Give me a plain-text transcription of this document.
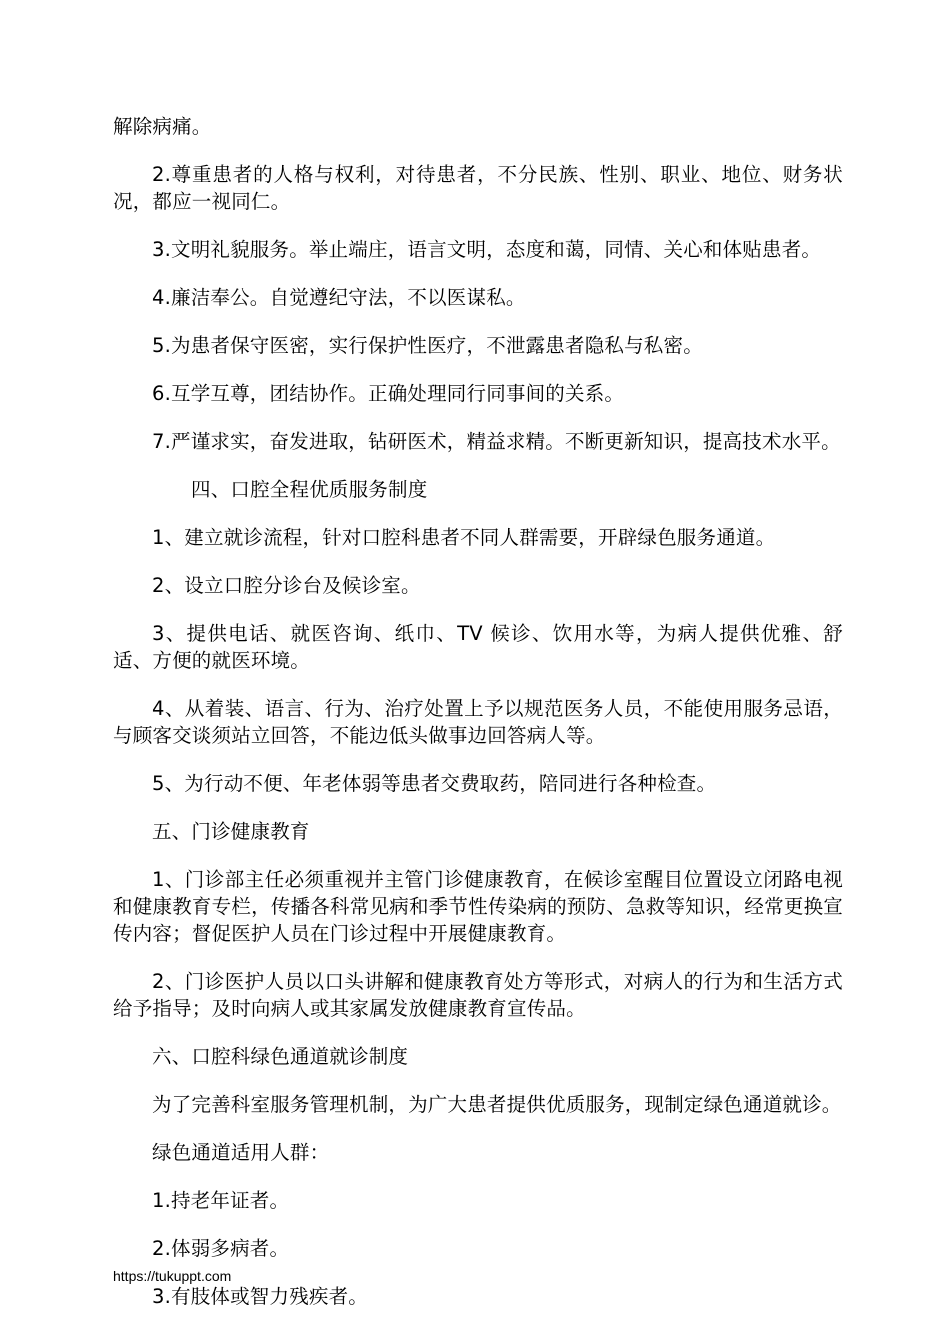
解除病痛。

2.尊重患者的人格与权利，对待患者，不分民族、性别、职业、地位、财务状况，都应一视同仁。

3.文明礼貌服务。举止端庄，语言文明，态度和蔼，同情、关心和体贴患者。

4.廉洁奉公。自觉遵纪守法，不以医谋私。

5.为患者保守医密，实行保护性医疗，不泄露患者隐私与私密。

6.互学互尊，团结协作。正确处理同行同事间的关系。

7.严谨求实，奋发进取，钻研医术，精益求精。不断更新知识，提高技术水平。

四、口腔全程优质服务制度

1、建立就诊流程，针对口腔科患者不同人群需要，开辟绿色服务通道。

2、设立口腔分诊台及候诊室。

3、提供电话、就医咨询、纸巾、TV 候诊、饮用水等，为病人提供优雅、舒适、方便的就医环境。

4、从着装、语言、行为、治疗处置上予以规范医务人员，不能使用服务忌语，与顾客交谈须站立回答，不能边低头做事边回答病人等。

5、为行动不便、年老体弱等患者交费取药，陪同进行各种检查。

五、门诊健康教育

1、门诊部主任必须重视并主管门诊健康教育，在候诊室醒目位置设立闭路电视和健康教育专栏，传播各科常见病和季节性传染病的预防、急救等知识，经常更换宣传内容；督促医护人员在门诊过程中开展健康教育。

2、门诊医护人员以口头讲解和健康教育处方等形式，对病人的行为和生活方式给予指导；及时向病人或其家属发放健康教育宣传品。

六、口腔科绿色通道就诊制度

为了完善科室服务管理机制，为广大患者提供优质服务，现制定绿色通道就诊。

绿色通道适用人群：

1.持老年证者。

2.体弱多病者。

3.有肢体或智力残疾者。

https://tukuppt.com
